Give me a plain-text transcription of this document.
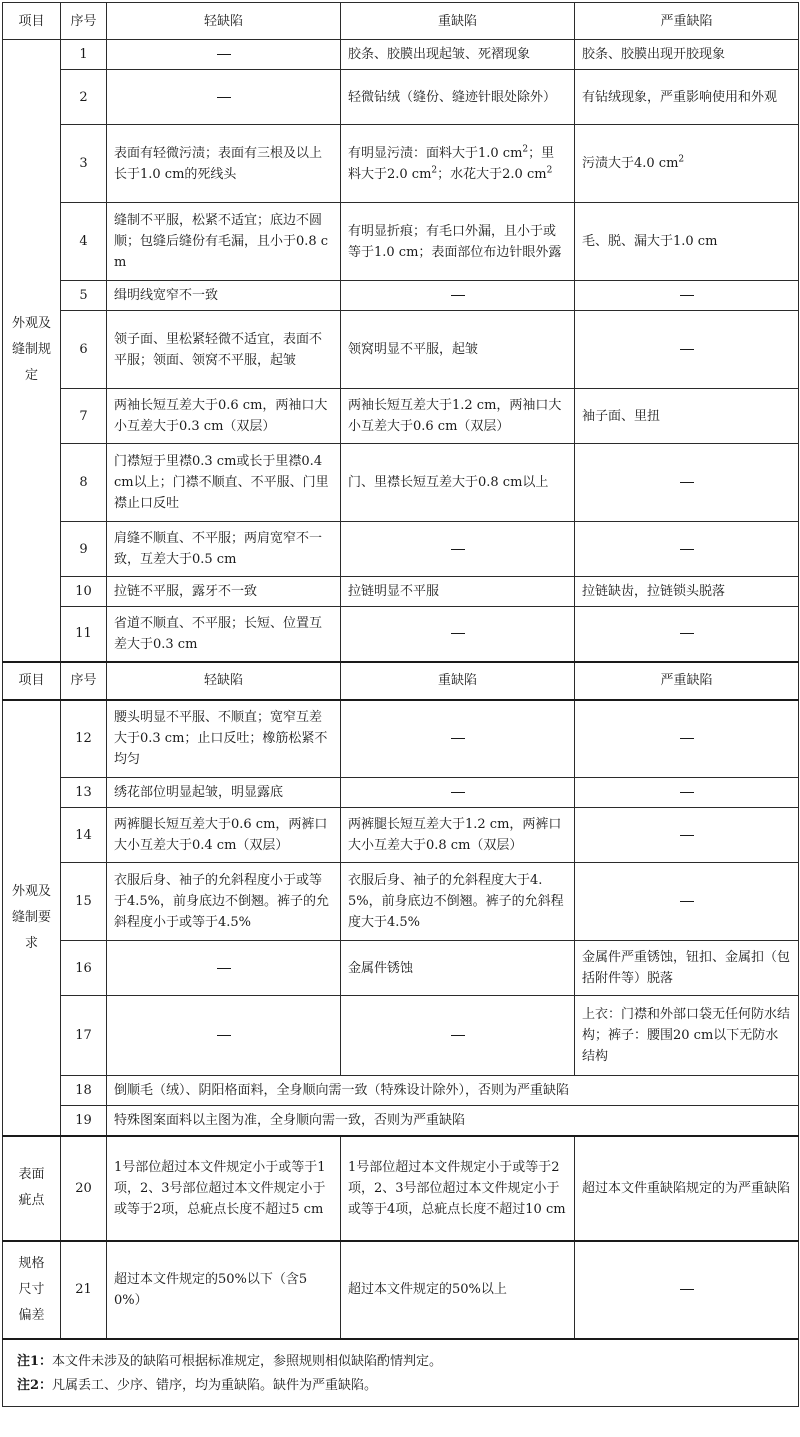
项目	序号	轻缺陷	重缺陷	严重缺陷

外观及缝制规定	1		胶条、胶膜出现起皱、死褶现象	胶条、胶膜出现开胶现象
	2		轻微钻绒（缝份、缝迹针眼处除外）	有钻绒现象，严重影响使用和外观
	3	表面有轻微污渍；表面有三根及以上长于1.0 cm的死线头	有明显污渍：面料大于1.0 $cm^2$；里料大于2.0 $cm^2$；水花大于2.0 $cm^2$	污渍大于4.0 $cm^2$
	4	缝制不平服，松紧不适宜；底边不圆顺；包缝后缝份有毛漏，且小于0.8 cm	有明显折痕；有毛口外漏，且小于或等于1.0 cm；表面部位布边针眼外露	毛、脱、漏大于1.0 cm
	5	缉明线宽窄不一致		
	6	领子面、里松紧轻微不适宜，表面不平服；领面、领窝不平服，起皱	领窝明显不平服，起皱	
	7	两袖长短互差大于0.6 cm，两袖口大小互差大于0.3 cm（双层）	两袖长短互差大于1.2 cm，两袖口大小互差大于0.6 cm（双层）	袖子面、里扭
	8	门襟短于里襟0.3 cm或长于里襟0.4 cm以上；门襟不顺直、不平服、门里襟止口反吐	门、里襟长短互差大于0.8 cm以上	
	9	肩缝不顺直、不平服；两肩宽窄不一致，互差大于0.5 cm		
	10	拉链不平服，露牙不一致	拉链明显不平服	拉链缺齿，拉链锁头脱落
	11	省道不顺直、不平服；长短、位置互差大于0.3 cm		
项目	序号	轻缺陷	重缺陷	严重缺陷

外观及缝制要求	12	腰头明显不平服、不顺直；宽窄互差大于0.3 cm；止口反吐；橡筋松紧不均匀		
	13	绣花部位明显起皱，明显露底		
	14	两裤腿长短互差大于0.6 cm，两裤口大小互差大于0.4 cm（双层）	两裤腿长短互差大于1.2 cm，两裤口大小互差大于0.8 cm（双层）	
	15	衣服后身、袖子的允斜程度小于或等于4.5%，前身底边不倒翘。裤子的允斜程度小于或等于4.5%	衣服后身、袖子的允斜程度大于4.5%，前身底边不倒翘。裤子的允斜程度大于4.5%	
	16		金属件锈蚀	金属件严重锈蚀，钮扣、金属扣（包括附件等）脱落
	17			上衣：门襟和外部口袋无任何防水结构；裤子：腰围20 cm以下无防水结构
	18	倒顺毛（绒）、阴阳格面料，全身顺向需一致（特殊设计除外），否则为严重缺陷		
	19	特殊图案面料以主图为准，全身顺向需一致，否则为严重缺陷		

表面疵点	20	1号部位超过本文件规定小于或等于1项，2、3号部位超过本文件规定小于或等于2项，总疵点长度不超过5 cm	1号部位超过本文件规定小于或等于2项，2、3号部位超过本文件规定小于或等于4项，总疵点长度不超过10 cm	超过本文件重缺陷规定的为严重缺陷

规格尺寸偏差	21	超过本文件规定的50%以下（含50%）	超过本文件规定的50%以上	

注1：本文件未涉及的缺陷可根据标准规定，参照规则相似缺陷酌情判定。
注2：凡属丢工、少序、错序，均为重缺陷。缺件为严重缺陷。				
